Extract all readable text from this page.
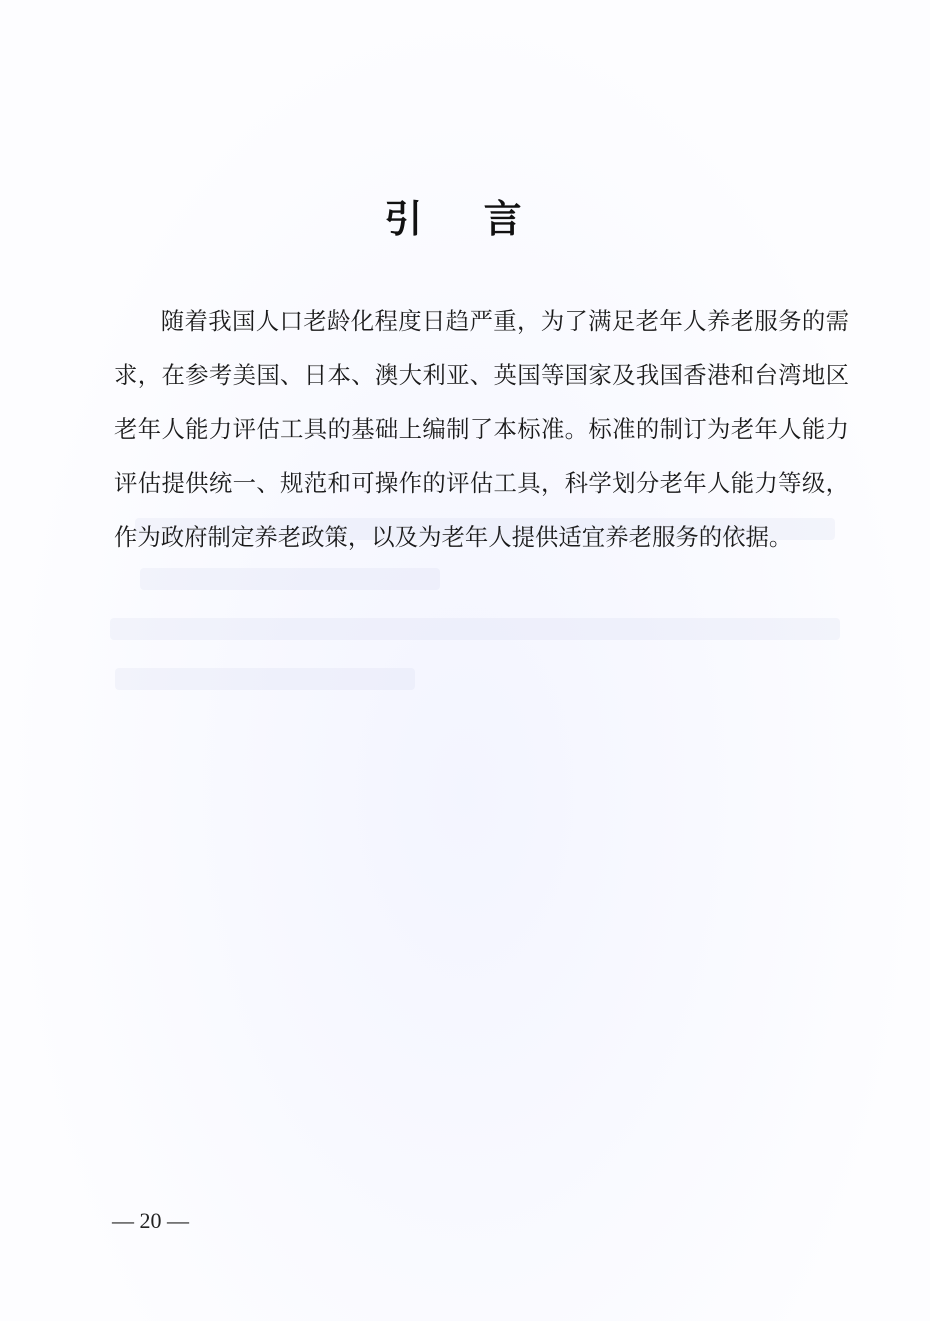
引 言

随着我国人口老龄化程度日趋严重，为了满足老年人养老服务的需求，在参考美国、日本、澳大利亚、英国等国家及我国香港和台湾地区老年人能力评估工具的基础上编制了本标准。标准的制订为老年人能力评估提供统一、规范和可操作的评估工具，科学划分老年人能力等级，作为政府制定养老政策，以及为老年人提供适宜养老服务的依据。

— 20 —
